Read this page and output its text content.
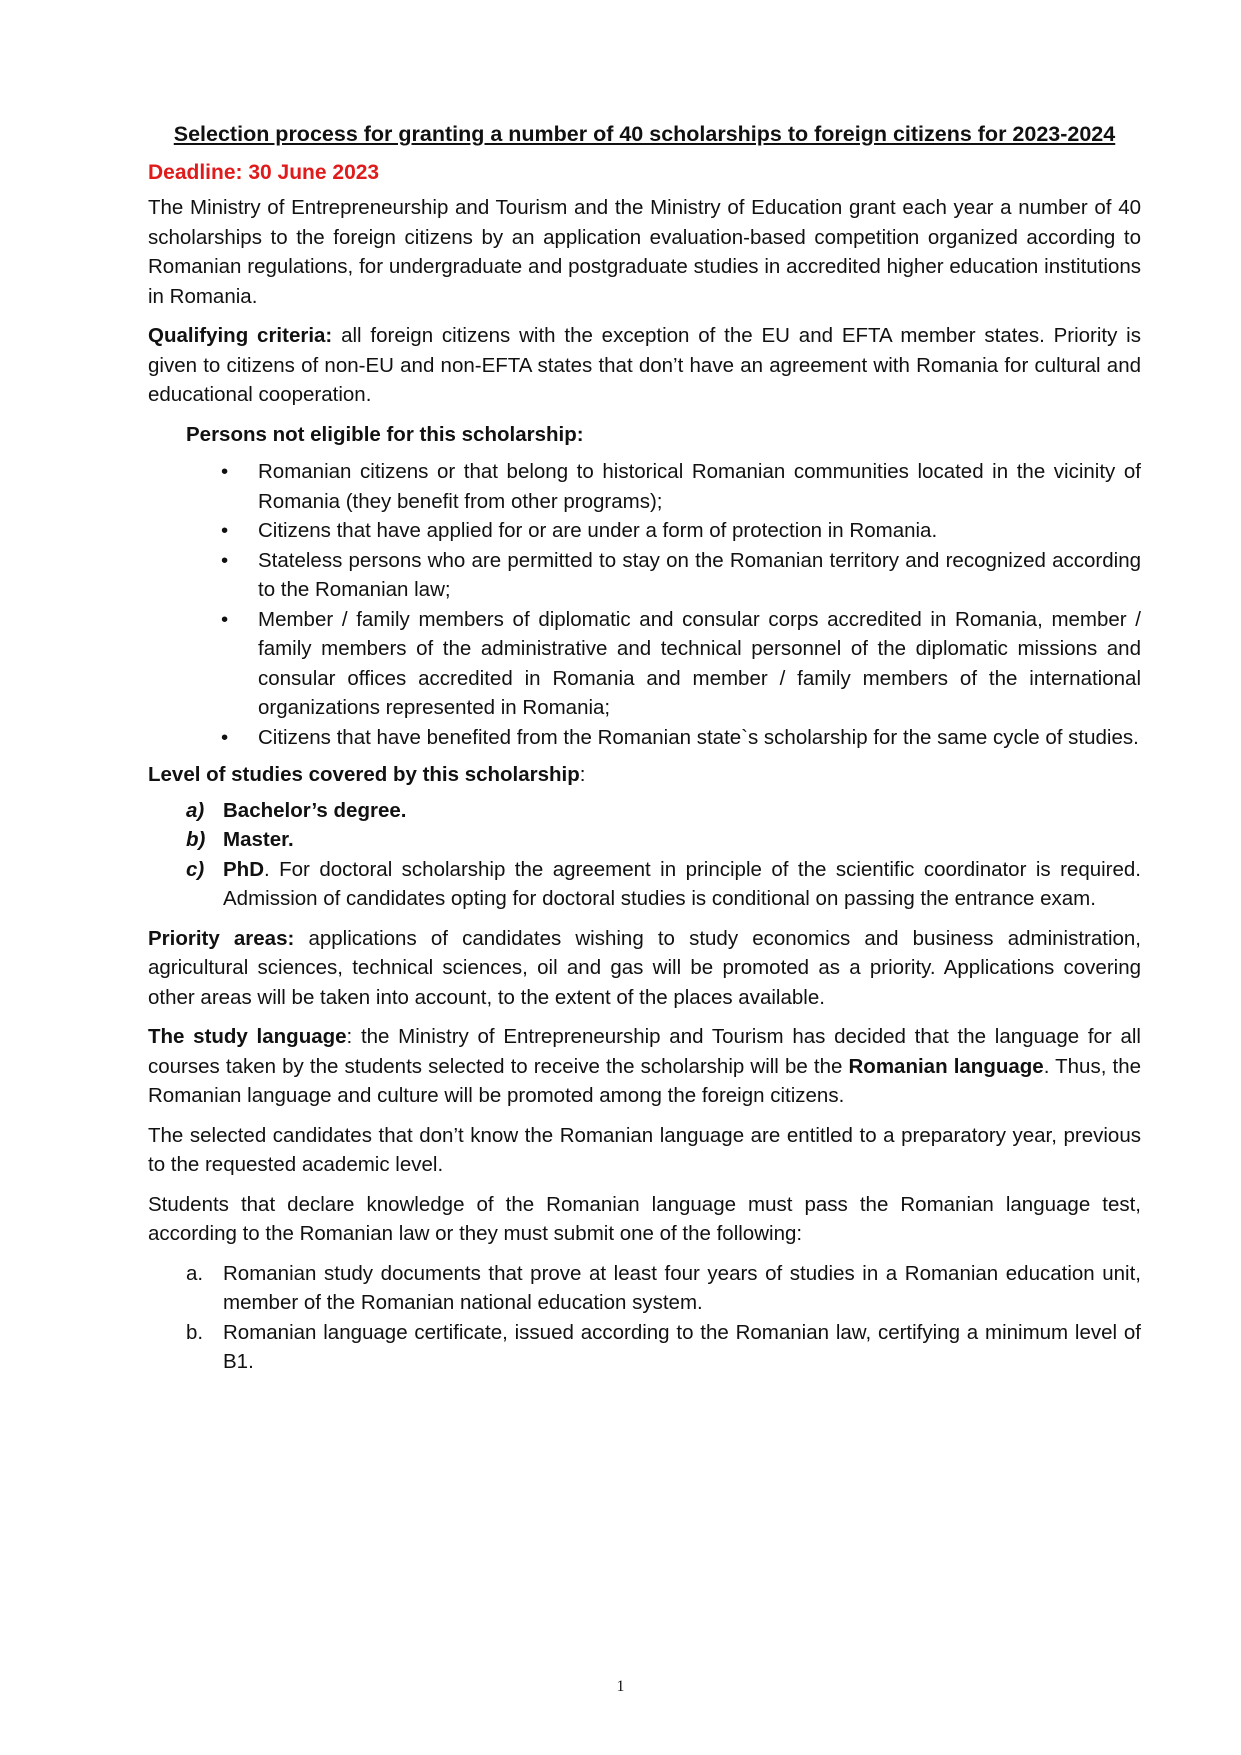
Selection process for granting a number of 40 scholarships to foreign citizens for 2023-2024
Deadline: 30 June 2023

The Ministry of Entrepreneurship and Tourism and the Ministry of Education grant each year a number of 40 scholarships to the foreign citizens by an application evaluation-based competition organized according to Romanian regulations, for undergraduate and postgraduate studies in accredited higher education institutions in Romania.

Qualifying criteria: all foreign citizens with the exception of the EU and EFTA member states. Priority is given to citizens of non-EU and non-EFTA states that don’t have an agreement with Romania for cultural and educational cooperation.

Persons not eligible for this scholarship:
• Romanian citizens or that belong to historical Romanian communities located in the vicinity of Romania (they benefit from other programs);
• Citizens that have applied for or are under a form of protection in Romania.
• Stateless persons who are permitted to stay on the Romanian territory and recognized according to the Romanian law;
• Member / family members of diplomatic and consular corps accredited in Romania, member / family members of the administrative and technical personnel of the diplomatic missions and consular offices accredited in Romania and member / family members of the international organizations represented in Romania;
• Citizens that have benefited from the Romanian state`s scholarship for the same cycle of studies.
Level of studies covered by this scholarship:
a) Bachelor’s degree.
b) Master.
c) PhD. For doctoral scholarship the agreement in principle of the scientific coordinator is required. Admission of candidates opting for doctoral studies is conditional on passing the entrance exam.

Priority areas: applications of candidates wishing to study economics and business administration, agricultural sciences, technical sciences, oil and gas will be promoted as a priority. Applications covering other areas will be taken into account, to the extent of the places available.

The study language: the Ministry of Entrepreneurship and Tourism has decided that the language for all courses taken by the students selected to receive the scholarship will be the Romanian language. Thus, the Romanian language and culture will be promoted among the foreign citizens.

The selected candidates that don’t know the Romanian language are entitled to a preparatory year, previous to the requested academic level.

Students that declare knowledge of the Romanian language must pass the Romanian language test, according to the Romanian law or they must submit one of the following:

a. Romanian study documents that prove at least four years of studies in a Romanian education unit, member of the Romanian national education system.
b. Romanian language certificate, issued according to the Romanian law, certifying a minimum level of B1.
1
